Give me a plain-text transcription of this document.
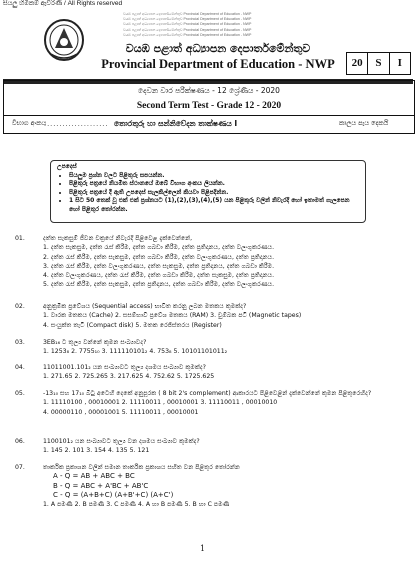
සියලු හිමිකම් ඇවිරිණි / All Rights reserved
වයඹ පළාත් අධ්‍යාපන දෙපාර්තමේන්තුව Provincial Department of Education - NWP
වයඹ පළාත් අධ්‍යාපන දෙපාර්තමේන්තුව Provincial Department of Education - NWP
වයඹ පළාත් අධ්‍යාපන දෙපාර්තමේන්තුව Provincial Department of Education - NWP
වයඹ පළාත් අධ්‍යාපන දෙපාර්තමේන්තුව Provincial Department of Education - NWP
වයඹ පළාත් අධ්‍යාපන දෙපාර්තමේන්තුව Provincial Department of Education - NWP
වයඹ පළාත් අධ්‍යාපන දෙපාර්තමේන්තුව
Provincial Department of Education - NWP	20	S	I
දෙවන වාර පරීක්ෂණය - 12 ශ්‍රේණිය - 2020
Second Term Test - Grade 12 - 2020
විභාග අංකය
..................... තොරතුරු හා සන්නිවේදන තාක්ෂණය I	කාලය පැය දෙකයි
උපදෙස්
• සියලුම ප්‍රශ්න වලට පිළිතුරු සපයන්න.
• පිළිතුරු පත්‍රයේ නියමිත ස්ථානයේ ඔබේ විභාග අංකය ලියන්න.
• පිළිතුරු පත්‍රයේ දී ඇති උපදෙස් සැලකිල්ලෙන් කියවා පිළිපදින්න.
• 1 සිට 50 තෙක් වූ එක් එක් ප්‍රශ්නයට (1),(2),(3),(4),(5) යන පිළිතුරු වලින් නිවැරදි හෝ ඉතාමත් ගැලපෙන හෝ පිළිතුර තෝරන්න.
01.	දත්ත සැකසුම් ජීවන චක්‍රයේ නිවැරදි පිළිවෙළ දැක්වෙන්නේ,
1. දත්ත සැකසුම, දත්ත රැස් කිරීම, දත්ත ගබඩා කිරීම, දත්ත ප්‍රතිදානය, දත්ත වලංගුකරණය.
2. දත්ත රැස් කිරීම, දත්ත සැකසුම, දත්ත ගබඩා කිරීම, දත්ත වලංගුකරණය, දත්ත ප්‍රතිදානය.
3. දත්ත රැස් කිරීම, දත්ත වලංගුකරණය, දත්ත සැකසුම, දත්ත ප්‍රතිදානය, දත්ත ගබඩා කිරීම.
4. දත්ත වලංගුකරණය, දත්ත රැස් කිරීම, දත්ත ගබඩා කිරීම, දත්ත සැකසුම, දත්ත ප්‍රතිදානය.
5. දත්ත රැස් කිරීම, දත්ත සැකසුම, දත්ත ප්‍රතිදානය, දත්ත ගබඩා කිරීම, දත්ත වලංගුකරණය.
02.	අනුක්‍රමික ප්‍රවේශය (Sequential access) භාවිත කරනු ලබන මතකය කුමක්ද?
1. වාරක මතකය (Cache) 2. සසම්භාවී ප්‍රවේශ මතකය (RAM) 3. චුම්බක පටි (Magnetic tapes)
4. සංයුක්ත තැටි (Compact disk) 5. මතක රෙජිස්තරය (Register)
03.	3EB₁₆ ට තුල්‍ය වන්නේ කුමන සංඛ්‍යාවද?
1. 1253₈ 2. 7755₁₀ 3. 111110101₂ 4. 753₈ 5. 10101101011₂
04.	11011001.101₂ යන සංඛ්‍යාවට තුල්‍ය දශමය සංඛ්‍යාව කුමක්ද?
1. 271.65 2. 725.265 3. 217.625 4. 752.62 5. 1725.625
05.	-13₁₀ සහ 17₁₀ බිටු අටෙහි දෙකේ අනුපූරක ( 8 bit 2's complement) ආකාරයට පිළිවෙළින් දැක්වෙන්නේ කුමන පිළිතුරෙහිද?
1. 11110100 , 00010001 2. 11110011 , 00010001 3. 11110011 , 00010010
4. 00000110 , 00001001 5. 11110011 , 00010001
06.	1100101₂ යන සංඛ්‍යාවට තුල්‍ය වන දශමය සංඛ්‍යාව කුමක්ද?
1. 145 2. 101 3. 154 4. 135 5. 121
07.	තාර්කික ප්‍රකාශන වලින් සමාන තාර්කික ප්‍රකාශය සහිත වන පිළිතුර තෝරන්න
A - Q = AB + ABC + BC
B - Q = ABC + A'BC + AB'C
C - Q = (A+B+C) (A+B'+C) (A+C')
1. A පමණි 2. B පමණි 3. C පමණි 4. A හා B පමණි 5. B හා C පමණි
1
